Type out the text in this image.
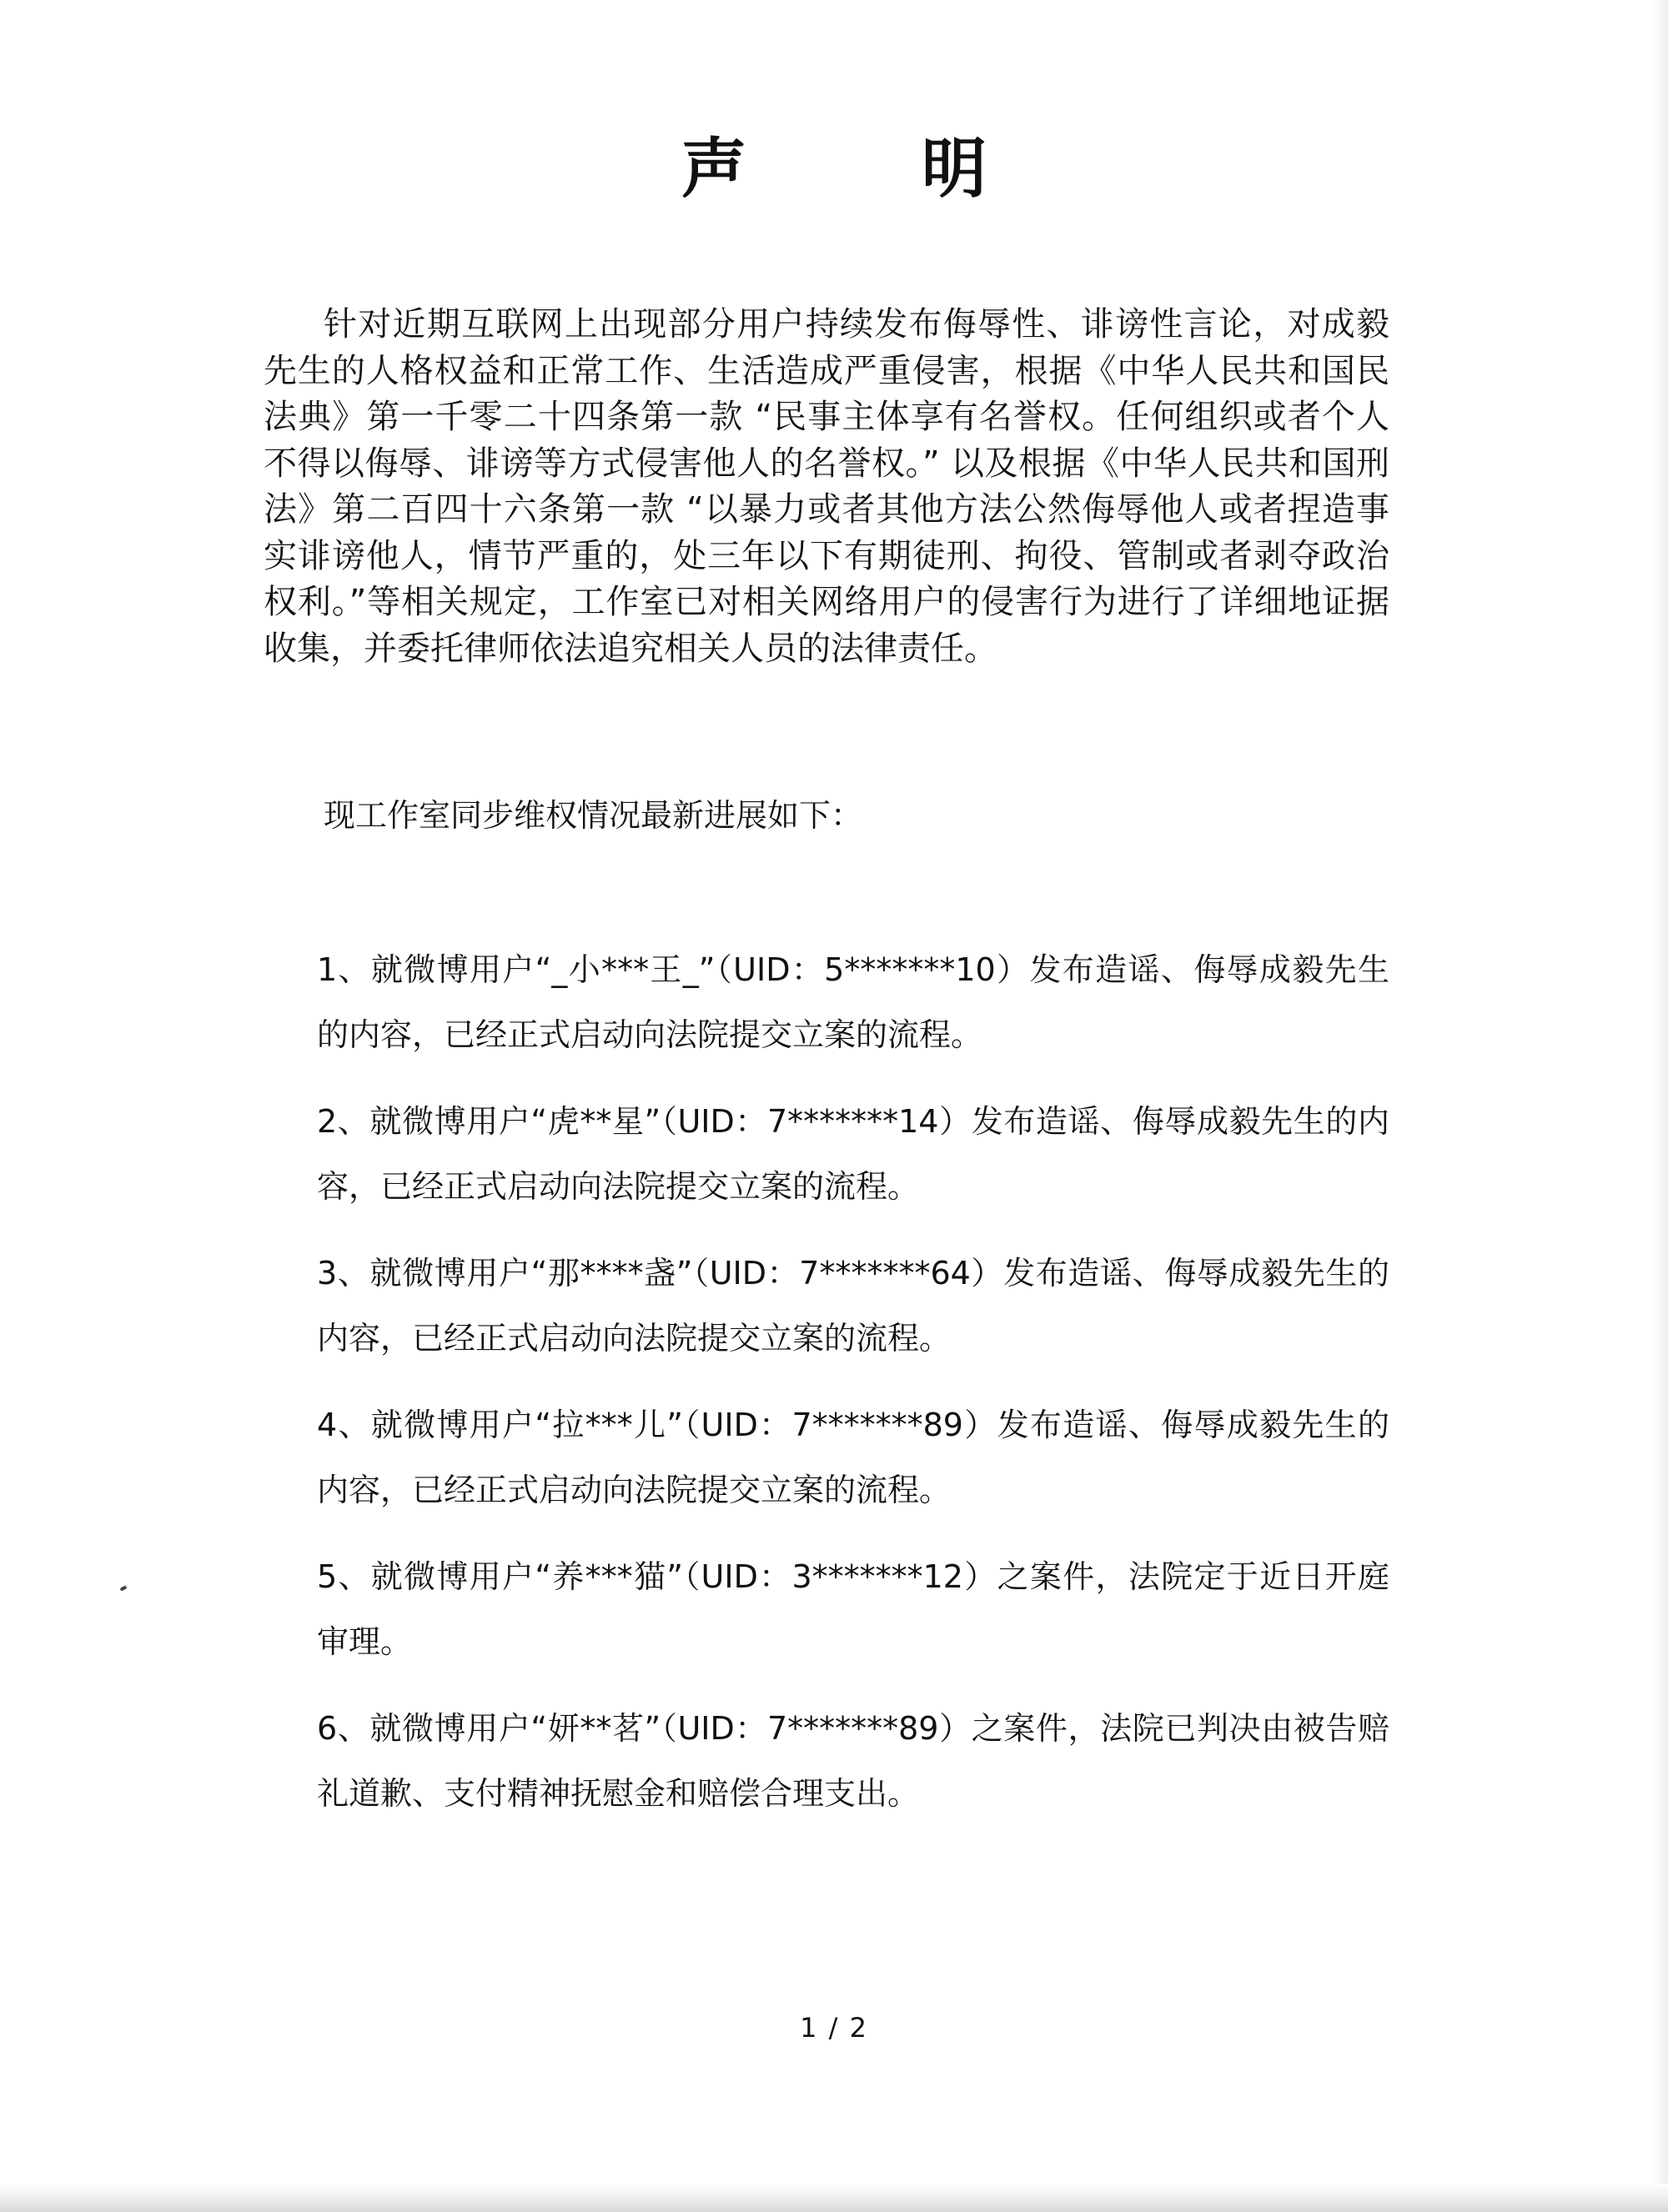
声　明

针对近期互联网上出现部分用户持续发布侮辱性、诽谤性言论，对成毅先生的人格权益和正常工作、生活造成严重侵害，根据《中华人民共和国民法典》第一千零二十四条第一款 “民事主体享有名誉权。任何组织或者个人不得以侮辱、诽谤等方式侵害他人的名誉权。” 以及根据《中华人民共和国刑法》第二百四十六条第一款 “以暴力或者其他方法公然侮辱他人或者捏造事实诽谤他人，情节严重的，处三年以下有期徒刑、拘役、管制或者剥夺政治权利。”等相关规定，工作室已对相关网络用户的侵害行为进行了详细地证据收集，并委托律师依法追究相关人员的法律责任。

现工作室同步维权情况最新进展如下：

1、就微博用户“_小***王_”（UID：5*******10）发布造谣、侮辱成毅先生的内容，已经正式启动向法院提交立案的流程。

2、就微博用户“虎**星”（UID：7*******14）发布造谣、侮辱成毅先生的内容，已经正式启动向法院提交立案的流程。

3、就微博用户“那****盏”（UID：7*******64）发布造谣、侮辱成毅先生的内容，已经正式启动向法院提交立案的流程。

4、就微博用户“拉***儿”（UID：7*******89）发布造谣、侮辱成毅先生的内容，已经正式启动向法院提交立案的流程。

5、就微博用户“养***猫”（UID：3*******12）之案件，法院定于近日开庭审理。

6、就微博用户“妍**茗”（UID：7*******89）之案件，法院已判决由被告赔礼道歉、支付精神抚慰金和赔偿合理支出。

1 / 2
